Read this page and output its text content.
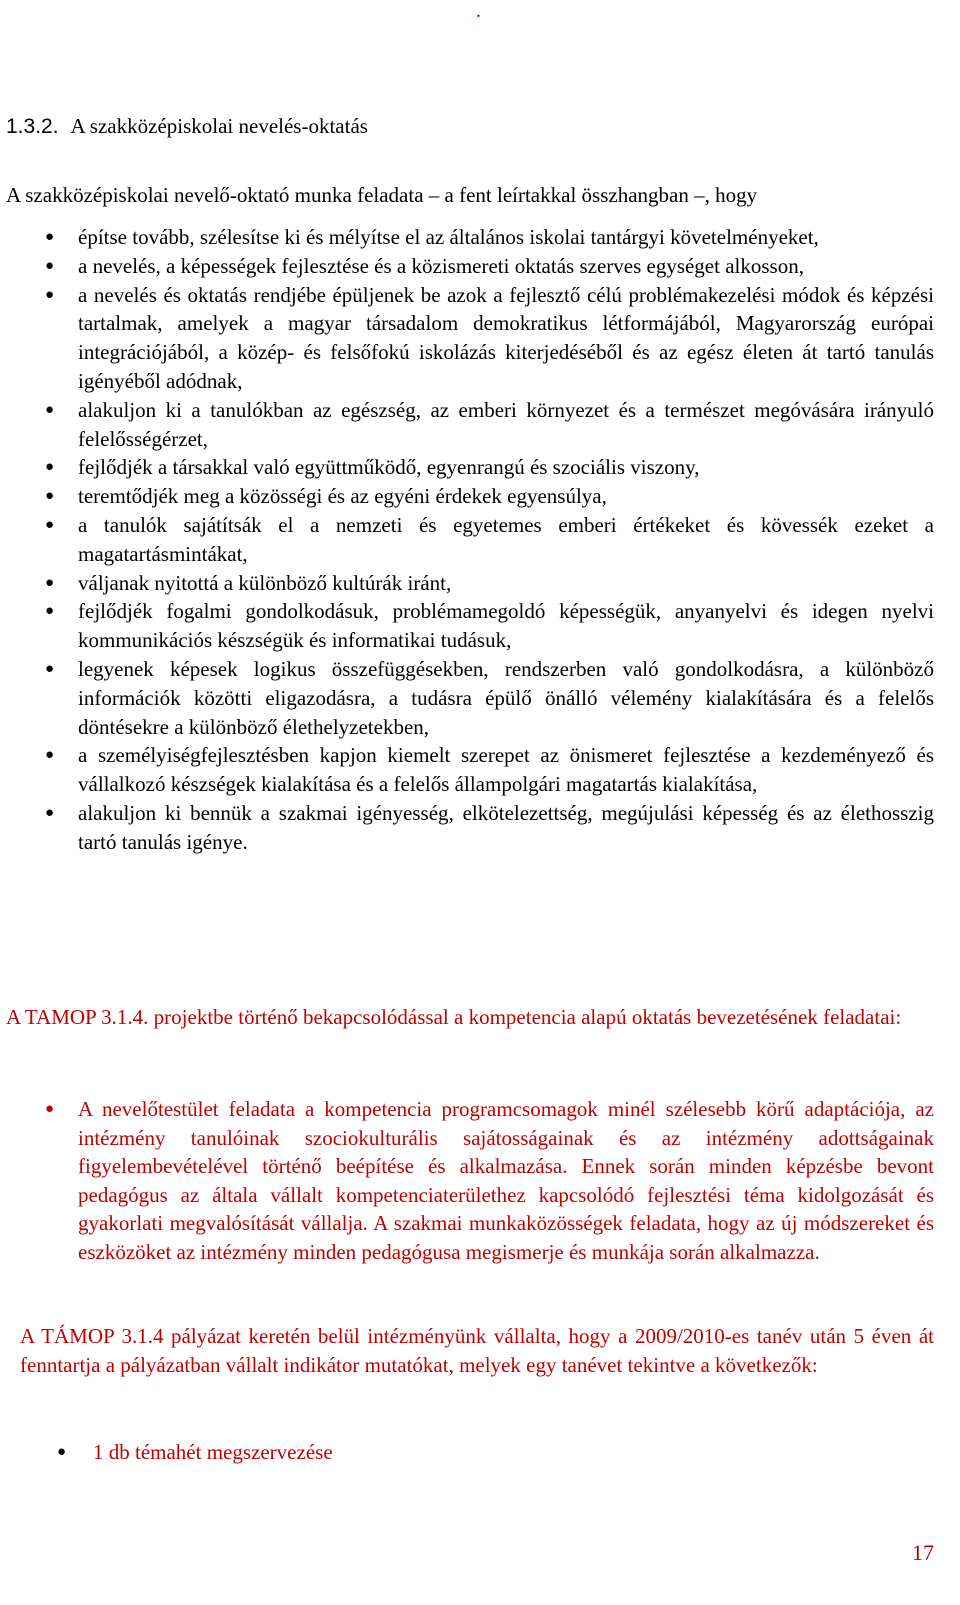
.
1.3.2. A szakközépiskolai nevelés-oktatás
A szakközépiskolai nevelő-oktató munka feladata – a fent leírtakkal összhangban –, hogy
● építse tovább, szélesítse ki és mélyítse el az általános iskolai tantárgyi követelményeket,
● a nevelés, a képességek fejlesztése és a közismereti oktatás szerves egységet alkosson,
● a nevelés és oktatás rendjébe épüljenek be azok a fejlesztő célú problémakezelési módok és képzési tartalmak, amelyek a magyar társadalom demokratikus létformájából, Magyarország európai integrációjából, a közép- és felsőfokú iskolázás kiterjedéséből és az egész életen át tartó tanulás igényéből adódnak,
● alakuljon ki a tanulókban az egészség, az emberi környezet és a természet megóvására irányuló felelősségérzet,
● fejlődjék a társakkal való együttműködő, egyenrangú és szociális viszony,
● teremtődjék meg a közösségi és az egyéni érdekek egyensúlya,
● a tanulók sajátítsák el a nemzeti és egyetemes emberi értékeket és kövessék ezeket a magatartásmintákat,
● váljanak nyitottá a különböző kultúrák iránt,
● fejlődjék fogalmi gondolkodásuk, problémamegoldó képességük, anyanyelvi és idegen nyelvi kommunikációs készségük és informatikai tudásuk,
● legyenek képesek logikus összefüggésekben, rendszerben való gondolkodásra, a különböző információk közötti eligazodásra, a tudásra épülő önálló vélemény kialakítására és a felelős döntésekre a különböző élethelyzetekben,
● a személyiségfejlesztésben kapjon kiemelt szerepet az önismeret fejlesztése a kezdeményező és vállalkozó készségek kialakítása és a felelős állampolgári magatartás kialakítása,
● alakuljon ki bennük a szakmai igényesség, elkötelezettség, megújulási képesség és az élethosszig tartó tanulás igénye.
A TAMOP 3.1.4. projektbe történő bekapcsolódással a kompetencia alapú oktatás bevezetésének feladatai:
● A nevelőtestület feladata a kompetencia programcsomagok minél szélesebb körű adaptációja, az intézmény tanulóinak szociokulturális sajátosságainak és az intézmény adottságainak figyelembevételével történő beépítése és alkalmazása. Ennek során minden képzésbe bevont pedagógus az általa vállalt kompetenciaterülethez kapcsolódó fejlesztési téma kidolgozását és gyakorlati megvalósítását vállalja. A szakmai munkaközösségek feladata, hogy az új módszereket és eszközöket az intézmény minden pedagógusa megismerje és munkája során alkalmazza.
A TÁMOP 3.1.4 pályázat keretén belül intézményünk vállalta, hogy a 2009/2010-es tanév után 5 éven át fenntartja a pályázatban vállalt indikátor mutatókat, melyek egy tanévet tekintve a következők:
● 1 db témahét megszervezése
17
